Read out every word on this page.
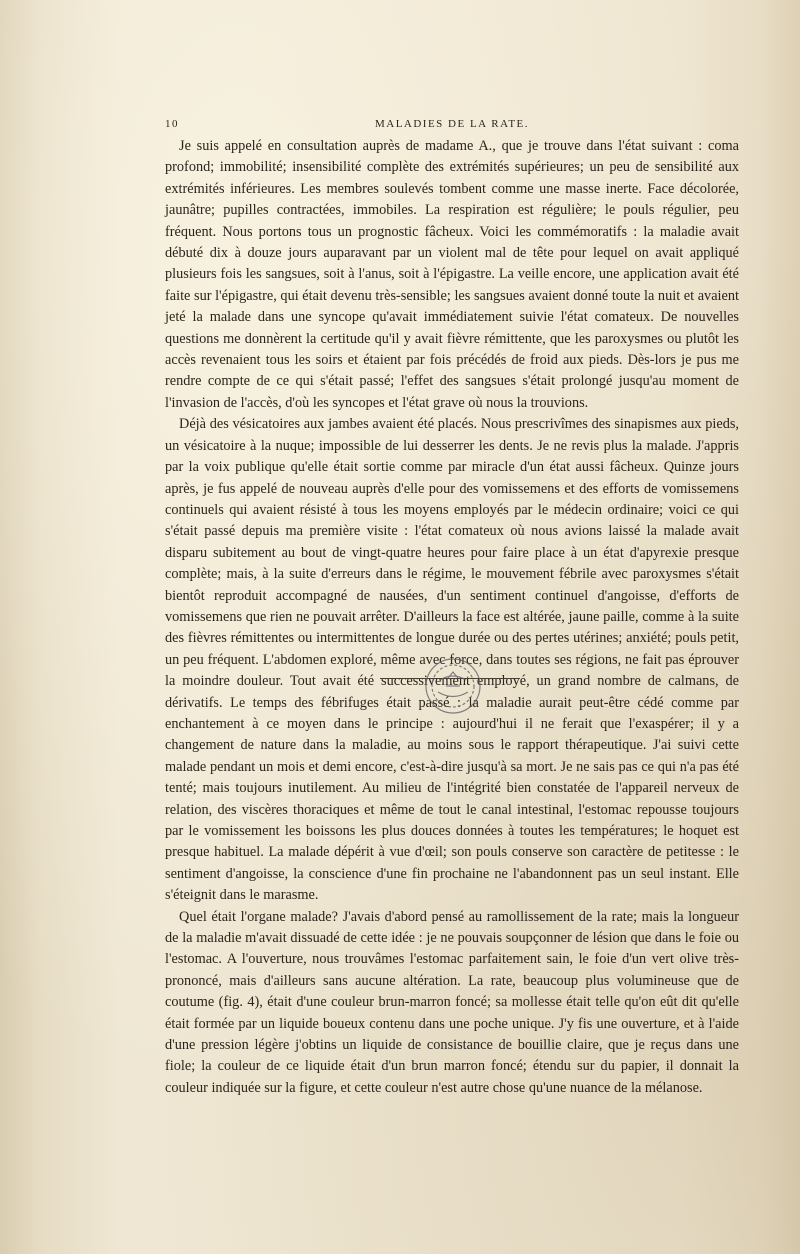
10	MALADIES DE LA RATE.

Je suis appelé en consultation auprès de madame A., que je trouve dans l'état suivant : coma profond; immobilité; insensibilité complète des extrémités supérieures; un peu de sensibilité aux extrémités inférieures. Les membres soulevés tombent comme une masse inerte. Face décolorée, jaunâtre; pupilles contractées, immobiles. La respiration est régulière; le pouls régulier, peu fréquent. Nous portons tous un prognostic fâcheux. Voici les commémoratifs : la maladie avait débuté dix à douze jours auparavant par un violent mal de tête pour lequel on avait appliqué plusieurs fois les sangsues, soit à l'anus, soit à l'épigastre. La veille encore, une application avait été faite sur l'épigastre, qui était devenu très-sensible; les sangsues avaient donné toute la nuit et avaient jeté la malade dans une syncope qu'avait immédiatement suivie l'état comateux. De nouvelles questions me donnèrent la certitude qu'il y avait fièvre rémittente, que les paroxysmes ou plutôt les accès revenaient tous les soirs et étaient par fois précédés de froid aux pieds. Dès-lors je pus me rendre compte de ce qui s'était passé; l'effet des sangsues s'était prolongé jusqu'au moment de l'invasion de l'accès, d'où les syncopes et l'état grave où nous la trouvions.

Déjà des vésicatoires aux jambes avaient été placés. Nous prescrivîmes des sinapismes aux pieds, un vésicatoire à la nuque; impossible de lui desserrer les dents. Je ne revis plus la malade. J'appris par la voix publique qu'elle était sortie comme par miracle d'un état aussi fâcheux. Quinze jours après, je fus appelé de nouveau auprès d'elle pour des vomissemens et des efforts de vomissemens continuels qui avaient résisté à tous les moyens employés par le médecin ordinaire; voici ce qui s'était passé depuis ma première visite : l'état comateux où nous avions laissé la malade avait disparu subitement au bout de vingt-quatre heures pour faire place à un état d'apyrexie presque complète; mais, à la suite d'erreurs dans le régime, le mouvement fébrile avec paroxysmes s'était bientôt reproduit accompagné de nausées, d'un sentiment continuel d'angoisse, d'efforts de vomissemens que rien ne pouvait arrêter. D'ailleurs la face est altérée, jaune paille, comme à la suite des fièvres rémittentes ou intermittentes de longue durée ou des pertes utérines; anxiété; pouls petit, un peu fréquent. L'abdomen exploré, même avec force, dans toutes ses régions, ne fait pas éprouver la moindre douleur. Tout avait été successivement employé, un grand nombre de calmans, de dérivatifs. Le temps des fébrifuges était passé : la maladie aurait peut-être cédé comme par enchantement à ce moyen dans le principe : aujourd'hui il ne ferait que l'exaspérer; il y a changement de nature dans la maladie, au moins sous le rapport thérapeutique. J'ai suivi cette malade pendant un mois et demi encore, c'est-à-dire jusqu'à sa mort. Je ne sais pas ce qui n'a pas été tenté; mais toujours inutilement. Au milieu de l'intégrité bien constatée de l'appareil nerveux de relation, des viscères thoraciques et même de tout le canal intestinal, l'estomac repousse toujours par le vomissement les boissons les plus douces données à toutes les températures; le hoquet est presque habituel. La malade dépérit à vue d'œil; son pouls conserve son caractère de petitesse : le sentiment d'angoisse, la conscience d'une fin prochaine ne l'abandonnent pas un seul instant. Elle s'éteignit dans le marasme.

Quel était l'organe malade? J'avais d'abord pensé au ramollissement de la rate; mais la longueur de la maladie m'avait dissuadé de cette idée : je ne pouvais soupçonner de lésion que dans le foie ou l'estomac. A l'ouverture, nous trouvâmes l'estomac parfaitement sain, le foie d'un vert olive très-prononcé, mais d'ailleurs sans aucune altération. La rate, beaucoup plus volumineuse que de coutume (fig. 4), était d'une couleur brun-marron foncé; sa mollesse était telle qu'on eût dit qu'elle était formée par un liquide boueux contenu dans une poche unique. J'y fis une ouverture, et à l'aide d'une pression légère j'obtins un liquide de consistance de bouillie claire, que je reçus dans une fiole; la couleur de ce liquide était d'un brun marron foncé; étendu sur du papier, il donnait la couleur indiquée sur la figure, et cette couleur n'est autre chose qu'une nuance de la mélanose.
